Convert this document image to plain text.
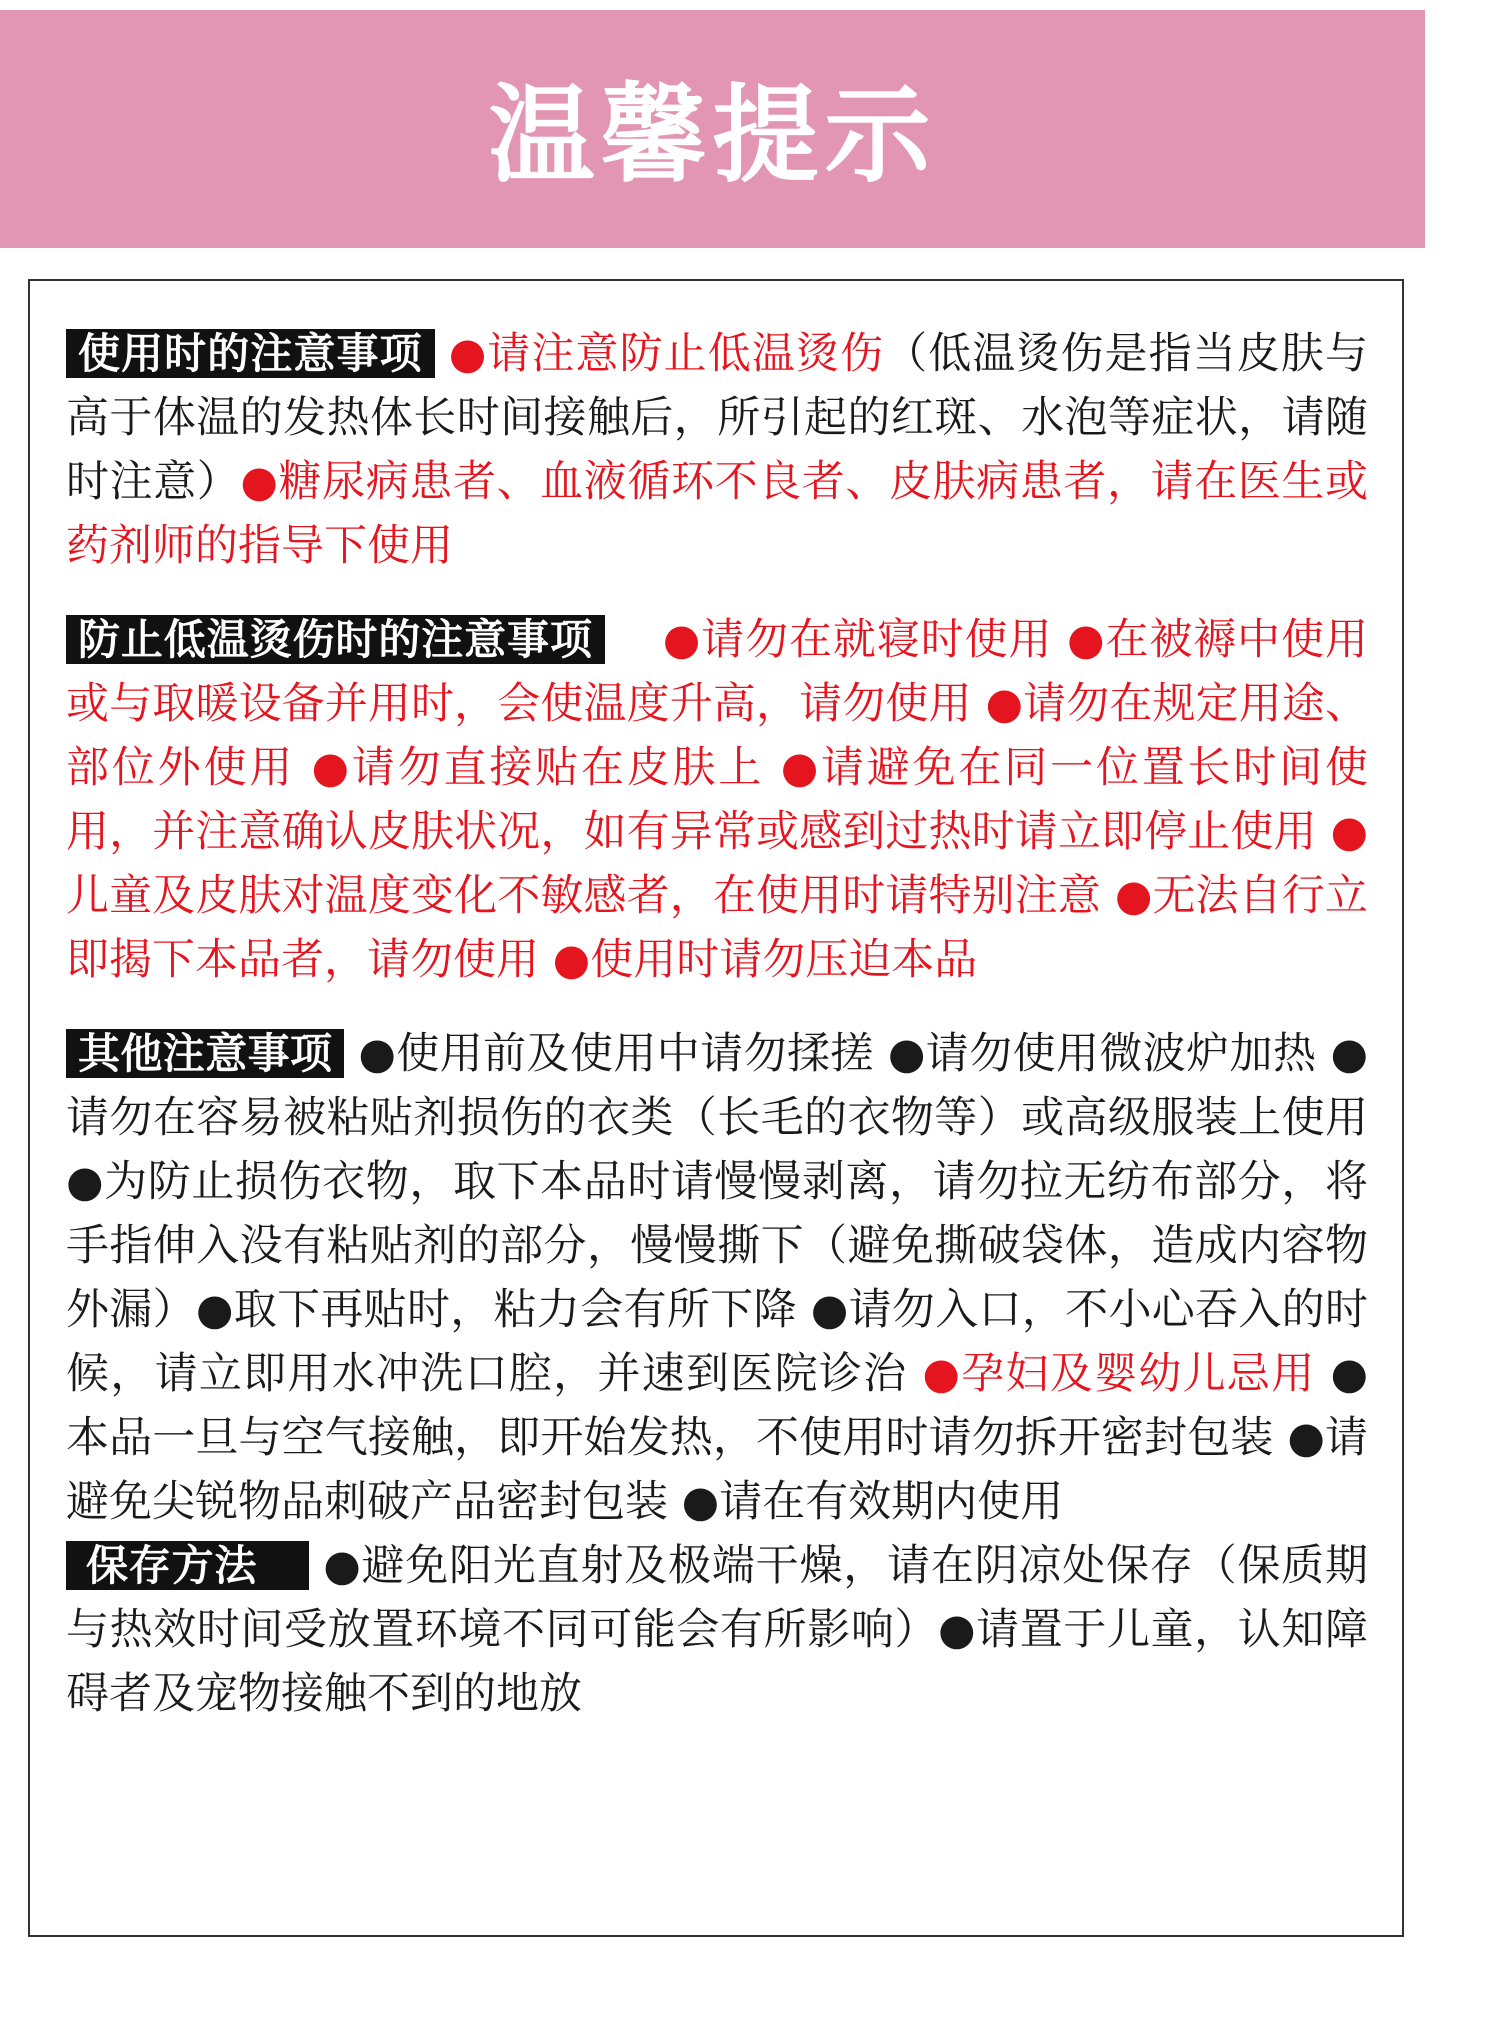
温馨提示

使用时的注意事项 ●请注意防止低温烫伤（低温烫伤是指当皮肤与高于体温的发热体长时间接触后，所引起的红斑、水泡等症状，请随时注意）●糖尿病患者、血液循环不良者、皮肤病患者，请在医生或药剂师的指导下使用

防止低温烫伤时的注意事项　●请勿在就寝时使用 ●在被褥中使用或与取暖设备并用时，会使温度升高，请勿使用 ●请勿在规定用途、部位外使用 ●请勿直接贴在皮肤上 ●请避免在同一位置长时间使用，并注意确认皮肤状况，如有异常或感到过热时请立即停止使用 ●儿童及皮肤对温度变化不敏感者，在使用时请特别注意 ●无法自行立即揭下本品者，请勿使用 ●使用时请勿压迫本品

其他注意事项 ●使用前及使用中请勿揉搓 ●请勿使用微波炉加热 ●请勿在容易被粘贴剂损伤的衣类（长毛的衣物等）或高级服装上使用 ●为防止损伤衣物，取下本品时请慢慢剥离，请勿拉无纺布部分，将手指伸入没有粘贴剂的部分，慢慢撕下（避免撕破袋体，造成内容物外漏）●取下再贴时，粘力会有所下降 ●请勿入口，不小心吞入的时候，请立即用水冲洗口腔，并速到医院诊治 ●孕妇及婴幼儿忌用 ●本品一旦与空气接触，即开始发热，不使用时请勿拆开密封包装 ●请避免尖锐物品刺破产品密封包装 ●请在有效期内使用

保存方法 ●避免阳光直射及极端干燥，请在阴凉处保存（保质期与热效时间受放置环境不同可能会有所影响）●请置于儿童，认知障碍者及宠物接触不到的地放
